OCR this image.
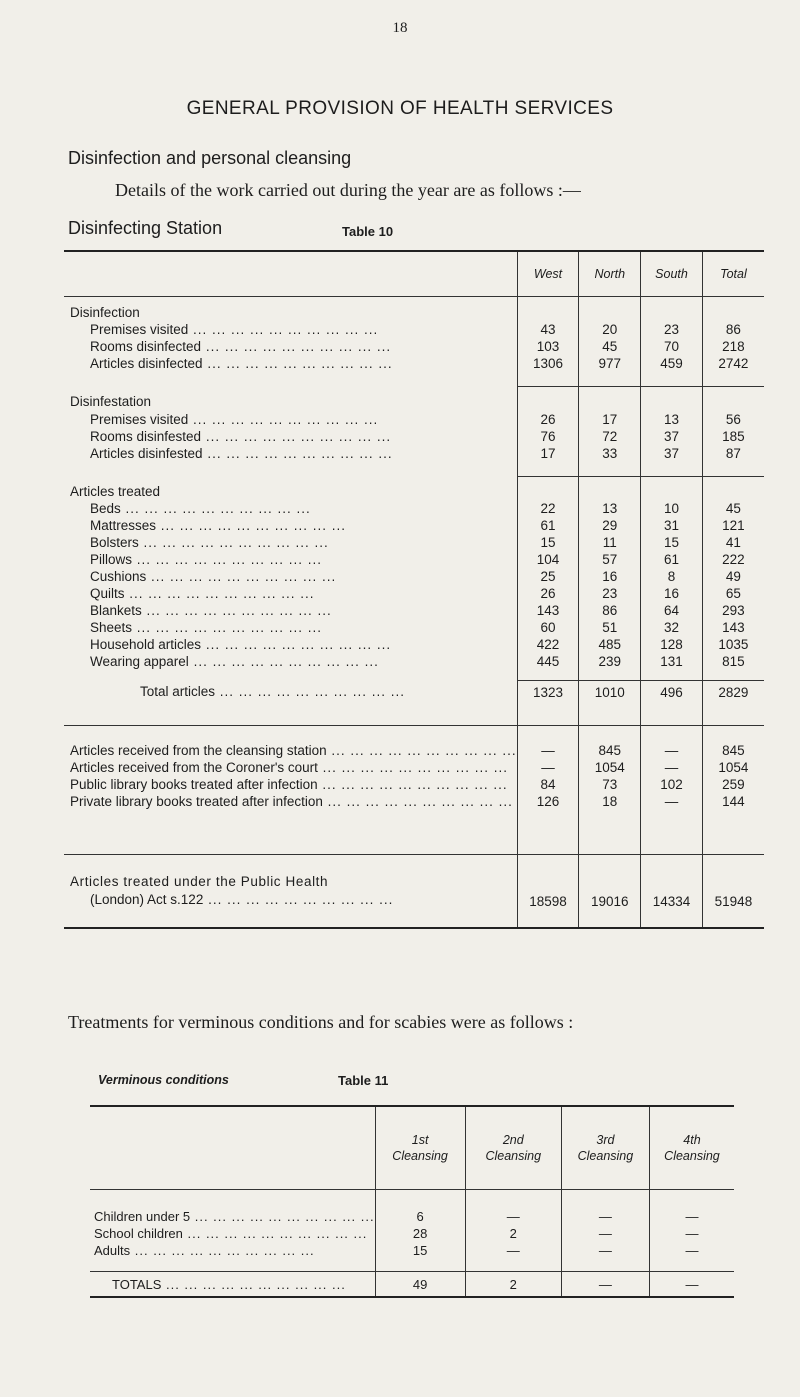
18
GENERAL PROVISION OF HEALTH SERVICES
Disinfection and personal cleansing
Details of the work carried out during the year are as follows :—
Disinfecting Station	Table 10
	West	North	South	Total
Disinfection				
Premises visited ... .	43	20	23	86
Rooms disinfected ... .	103	45	70	218
Articles disinfected ... .	1306	977	459	2742

Disinfestation				
Premises visited ... .	26	17	13	56
Rooms disinfested ... .	76	72	37	185
Articles disinfested ... .	17	33	37	87

Articles treated				
Beds ... .	22	13	10	45
Mattresses ... .	61	29	31	121
Bolsters ... .	15	11	15	41
Pillows ... .	104	57	61	222
Cushions ... .	25	16	8	49
Quilts ... .	26	23	16	65
Blankets ... .	143	86	64	293
Sheets ... .	60	51	32	143
Household articles ... .	422	485	128	1035
Wearing apparel ... .	445	239	131	815

Total articles ... .	1323	1010	496	2829

Articles received from the cleansing station ... .	—	845	—	845
Articles received from the Coroner's court ... .	—	1054	—	1054
Public library books treated after infection ... .	84	73	102	259
Private library books treated after infection ... .	126	18	—	144

Articles treated under the Public Health
(London) Act s.122 ... .	18598	19016	14334	51948

Treatments for verminous conditions and for scabies were as follows :
Verminous conditions	Table 11
	1st Cleansing	2nd Cleansing	3rd Cleansing	4th Cleansing

Children under 5 ... .	6	—	—	—
School children ... .	28	2	—	—
Adults ... .	15	—	—	—

TOTALS ... .	49	2	—	—
